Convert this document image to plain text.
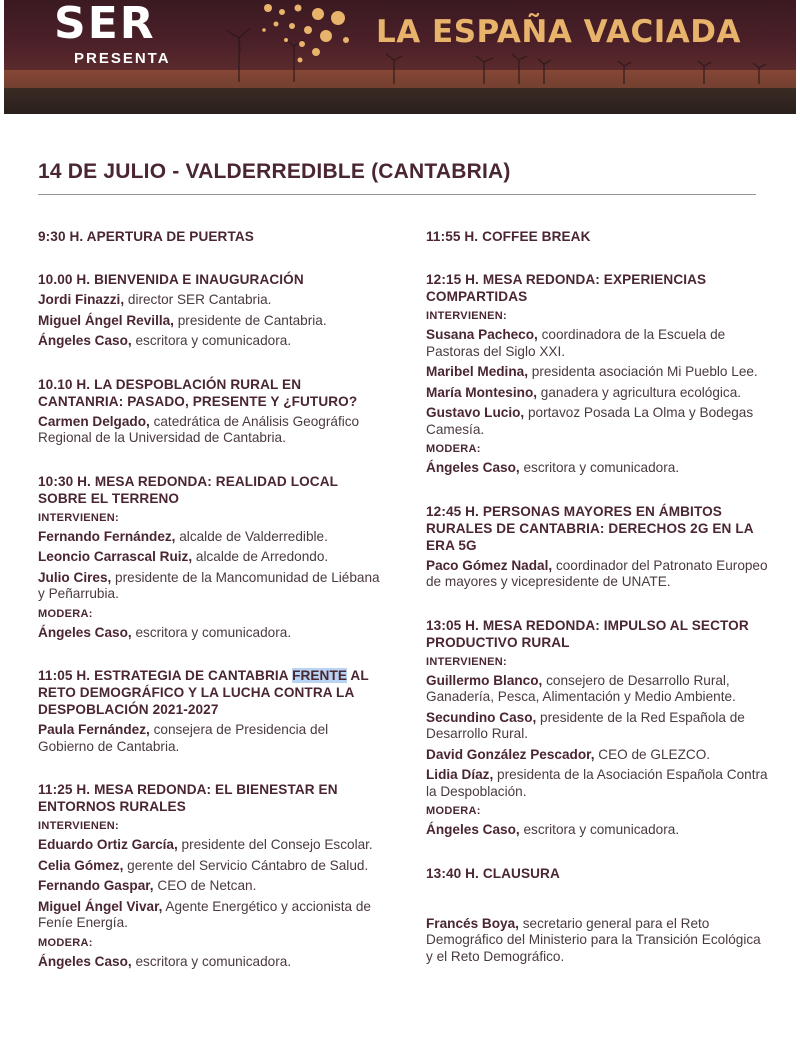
SER
PRESENTA
LA ESPAÑA VACIADA
14 DE JULIO - VALDERREDIBLE (CANTABRIA)
9:30 H. APERTURA DE PUERTAS
10.00 H. BIENVENIDA E INAUGURACIÓN
Jordi Finazzi, director SER Cantabria.
Miguel Ángel Revilla, presidente de Cantabria.
Ángeles Caso, escritora y comunicadora.
10.10 H. LA DESPOBLACIÓN RURAL EN CANTANRIA: PASADO, PRESENTE Y ¿FUTURO?
Carmen Delgado, catedrática de Análisis Geográfico Regional de la Universidad de Cantabria.
10:30 H. MESA REDONDA: REALIDAD LOCAL SOBRE EL TERRENO
INTERVIENEN:
Fernando Fernández, alcalde de Valderredible.
Leoncio Carrascal Ruiz, alcalde de Arredondo.
Julio Cires, presidente de la Mancomunidad de Liébana y Peñarrubia.
MODERA:
Ángeles Caso, escritora y comunicadora.
11:05 H. ESTRATEGIA DE CANTABRIA FRENTE AL RETO DEMOGRÁFICO Y LA LUCHA CONTRA LA DESPOBLACIÓN 2021-2027
Paula Fernández, consejera de Presidencia del Gobierno de Cantabria.
11:25 H. MESA REDONDA: EL BIENESTAR EN ENTORNOS RURALES
INTERVIENEN:
Eduardo Ortiz García, presidente del Consejo Escolar.
Celia Gómez, gerente del Servicio Cántabro de Salud.
Fernando Gaspar, CEO de Netcan.
Miguel Ángel Vivar, Agente Energético y accionista de Feníe Energía.
MODERA:
Ángeles Caso, escritora y comunicadora.
11:55 H. COFFEE BREAK
12:15 H. MESA REDONDA: EXPERIENCIAS COMPARTIDAS
INTERVIENEN:
Susana Pacheco, coordinadora de la Escuela de Pastoras del Siglo XXI.
Maribel Medina, presidenta asociación Mi Pueblo Lee.
María Montesino, ganadera y agricultura ecológica.
Gustavo Lucio, portavoz Posada La Olma y Bodegas Camesía.
MODERA:
Ángeles Caso, escritora y comunicadora.
12:45 H. PERSONAS MAYORES EN ÁMBITOS RURALES DE CANTABRIA: DERECHOS 2G EN LA ERA 5G
Paco Gómez Nadal, coordinador del Patronato Europeo de mayores y vicepresidente de UNATE.
13:05 H. MESA REDONDA: IMPULSO AL SECTOR PRODUCTIVO RURAL
INTERVIENEN:
Guillermo Blanco, consejero de Desarrollo Rural, Ganadería, Pesca, Alimentación y Medio Ambiente.
Secundino Caso, presidente de la Red Española de Desarrollo Rural.
David González Pescador, CEO de GLEZCO.
Lidia Díaz, presidenta de la Asociación Española Contra la Despoblación.
MODERA:
Ángeles Caso, escritora y comunicadora.
13:40 H. CLAUSURA
Francés Boya, secretario general para el Reto Demográfico del Ministerio para la Transición Ecológica y el Reto Demográfico.
